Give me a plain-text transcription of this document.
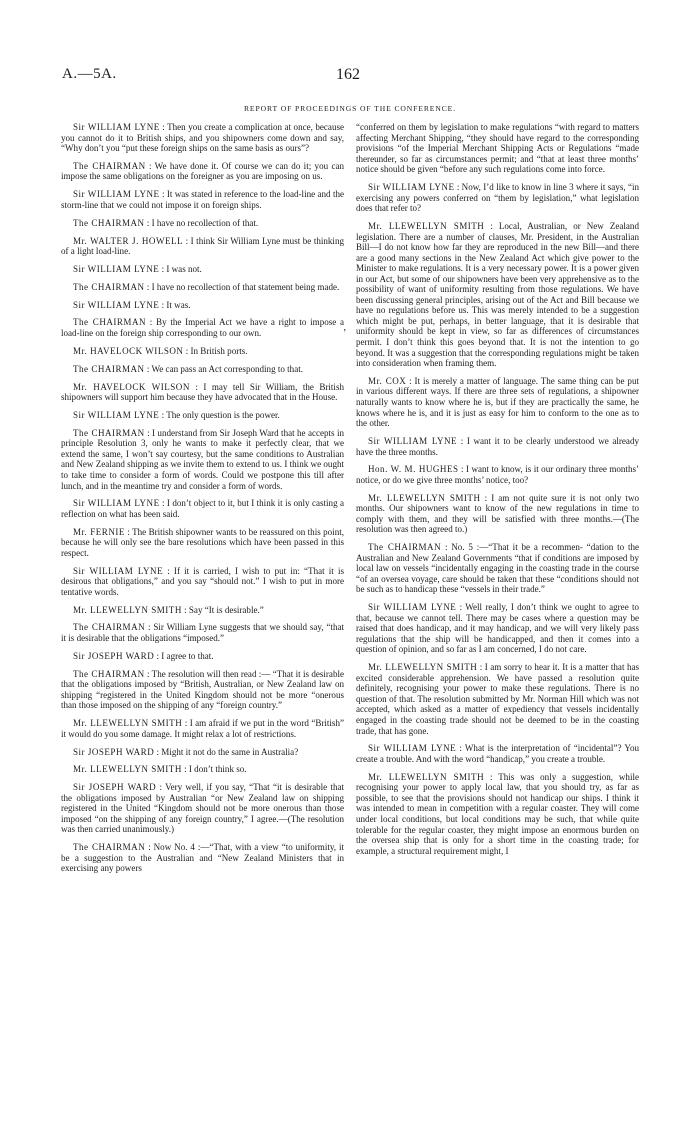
A.—5A.	162
REPORT OF PROCEEDINGS OF THE CONFERENCE.

Sir WILLIAM LYNE : Then you create a complication at once, because you cannot do it to British ships, and you shipowners come down and say, “Why don’t you “put these foreign ships on the same basis as ours”?

The CHAIRMAN : We have done it. Of course we can do it; you can impose the same obligations on the foreigner as you are imposing on us.

Sir WILLIAM LYNE : It was stated in reference to the load-line and the storm-line that we could not impose it on foreign ships.

The CHAIRMAN : I have no recollection of that.

Mr. WALTER J. HOWELL : I think Sir William Lyne must be thinking of a light load-line.

Sir WILLIAM LYNE : I was not.

The CHAIRMAN : I have no recollection of that statement being made.

Sir WILLIAM LYNE : It was.

The CHAIRMAN : By the Imperial Act we have a right to impose a load-line on the foreign ship corresponding to our own.

Mr. HAVELOCK WILSON : In British ports.

The CHAIRMAN : We can pass an Act corresponding to that.

Mr. HAVELOCK WILSON : I may tell Sir William, the British shipowners will support him because they have advocated that in the House.

Sir WILLIAM LYNE : The only question is the power.

The CHAIRMAN : I understand from Sir Joseph Ward that he accepts in principle Resolution 3, only he wants to make it perfectly clear, that we extend the same, I won’t say courtesy, but the same conditions to Australian and New Zealand shipping as we invite them to extend to us. I think we ought to take time to consider a form of words. Could we postpone this till after lunch, and in the meantime try and consider a form of words.

Sir WILLIAM LYNE : I don’t object to it, but I think it is only casting a reflection on what has been said.

Mr. FERNIE : The British shipowner wants to be reassured on this point, because he will only see the bare resolutions which have been passed in this respect.

Sir WILLIAM LYNE : If it is carried, I wish to put in: “That it is desirous that obligations,” and you say “should not.” I wish to put in more tentative words.

Mr. LLEWELLYN SMITH : Say “It is desirable.”

The CHAIRMAN : Sir William Lyne suggests that we should say, “that it is desirable that the obligations “imposed.”

Sir JOSEPH WARD : I agree to that.

The CHAIRMAN : The resolution will then read :— “That it is desirable that the obligations imposed by “British, Australian, or New Zealand law on shipping “registered in the United Kingdom should not be more “onerous than those imposed on the shipping of any “foreign country.”

Mr. LLEWELLYN SMITH : I am afraid if we put in the word “British” it would do you some damage. It might relax a lot of restrictions.

Sir JOSEPH WARD : Might it not do the same in Australia?

Mr. LLEWELLYN SMITH : I don’t think so.

Sir JOSEPH WARD : Very well, if you say, “That “it is desirable that the obligations imposed by Australian “or New Zealand law on shipping registered in the United “Kingdom should not be more onerous than those imposed “on the shipping of any foreign country,” I agree.—(The resolution was then carried unanimously.)

The CHAIRMAN : Now No. 4 :—“That, with a view “to uniformity, it be a suggestion to the Australian and “New Zealand Ministers that in exercising any powers

“conferred on them by legislation to make regulations “with regard to matters affecting Merchant Shipping, “they should have regard to the corresponding provisions “of the Imperial Merchant Shipping Acts or Regulations “made thereunder, so far as circumstances permit; and “that at least three months’ notice should be given “before any such regulations come into force.

Sir WILLIAM LYNE : Now, I’d like to know in line 3 where it says, “in exercising any powers conferred on “them by legislation,” what legislation does that refer to?

Mr. LLEWELLYN SMITH : Local, Australian, or New Zealand legislation. There are a number of clauses, Mr. President, in the Australian Bill—I do not know how far they are reproduced in the new Bill—and there are a good many sections in the New Zealand Act which give power to the Minister to make regulations. It is a very necessary power. It is a power given in our Act, but some of our shipowners have been very apprehensive as to the possibility of want of uniformity resulting from those regulations. We have been discussing general principles, arising out of the Act and Bill because we have no regulations before us. This was merely intended to be a suggestion which might be put, perhaps, in better language, that it is desirable that uniformity should be kept in view, so far as differences of circumstances permit. I don’t think this goes beyond that. It is not the intention to go beyond. It was a suggestion that the corresponding regulations might be taken into consideration when framing them.

Mr. COX : It is merely a matter of language. The same thing can be put in various different ways. If there are three sets of regulations, a shipowner naturally wants to know where he is, but if they are practically the same, he knows where he is, and it is just as easy for him to conform to the one as to the other.

Sir WILLIAM LYNE : I want it to be clearly understood we already have the three months.

Hon. W. M. HUGHES : I want to know, is it our ordinary three months’ notice, or do we give three months’ notice, too?

Mr. LLEWELLYN SMITH : I am not quite sure it is not only two months. Our shipowners want to know of the new regulations in time to comply with them, and they will be satisfied with three months.—(The resolution was then agreed to.)

The CHAIRMAN : No. 5 :—“That it be a recommen- “dation to the Australian and New Zealand Governments “that if conditions are imposed by local law on vessels “incidentally engaging in the coasting trade in the course “of an oversea voyage, care should be taken that these “conditions should not be such as to handicap these “vessels in their trade.”

Sir WILLIAM LYNE : Well really, I don’t think we ought to agree to that, because we cannot tell. There may be cases where a question may be raised that does handicap, and it may handicap, and we will very likely pass regulations that the ship will be handicapped, and then it comes into a question of opinion, and so far as I am concerned, I do not care.

Mr. LLEWELLYN SMITH : I am sorry to hear it. It is a matter that has excited considerable apprehension. We have passed a resolution quite definitely, recognising your power to make these regulations. There is no question of that. The resolution submitted by Mr. Norman Hill which was not accepted, which asked as a matter of expediency that vessels incidentally engaged in the coasting trade should not be deemed to be in the coasting trade, that has gone.

Sir WILLIAM LYNE : What is the interpretation of “incidental”? You create a trouble. And with the word “handicap,” you create a trouble.

Mr. LLEWELLYN SMITH : This was only a suggestion, while recognising your power to apply local law, that you should try, as far as possible, to see that the provisions should not handicap our ships. I think it was intended to mean in competition with a regular coaster. They will come under local conditions, but local conditions may be such, that while quite tolerable for the regular coaster, they might impose an enormous burden on the oversea ship that is only for a short time in the coasting trade; for example, a structural requirement might, I

’
